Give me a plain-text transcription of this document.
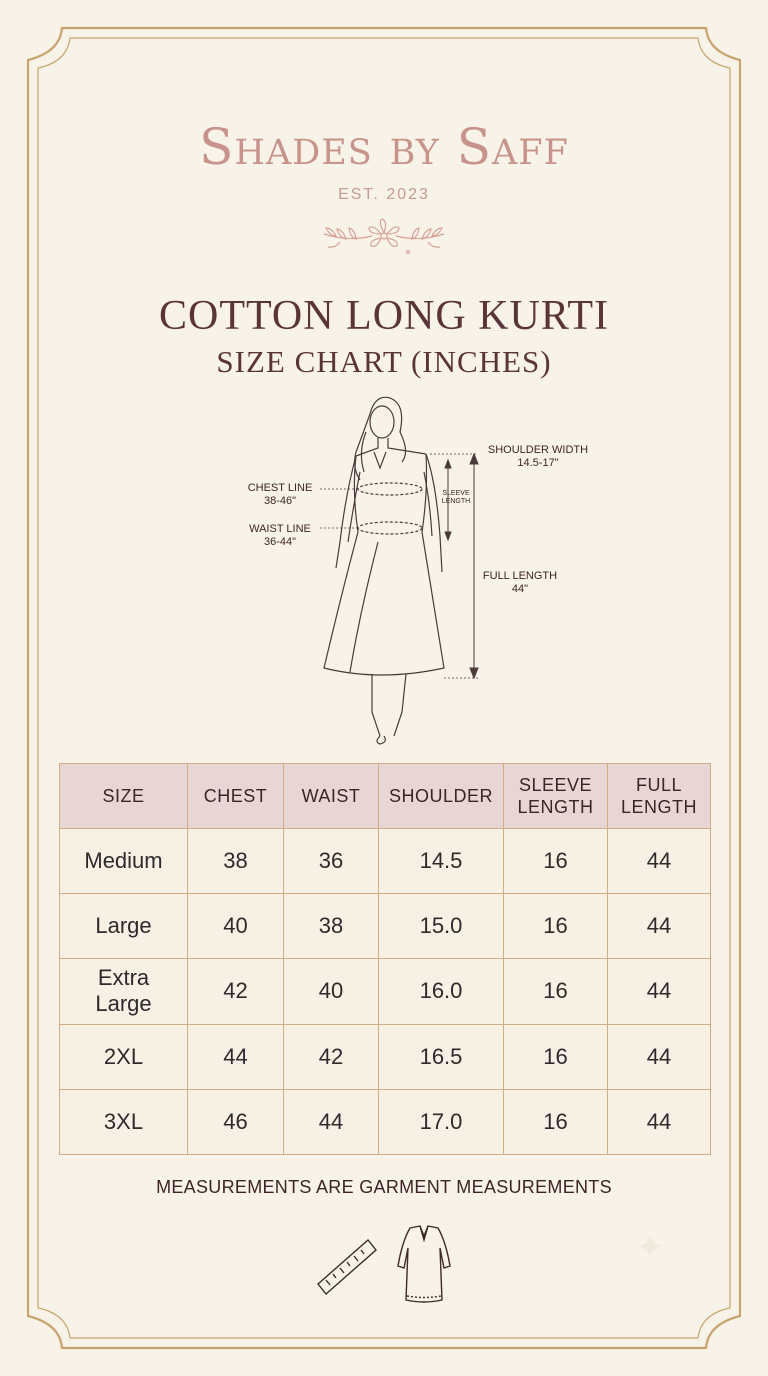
Shades by Saff
EST. 2023
COTTON LONG KURTI
SIZE CHART (INCHES)
SHOULDER WIDTH
14.5-17"
CHEST LINE
38-46"
WAIST LINE
36-44"
SLEEVE
LENGTH
FULL LENGTH
44"
SIZE	CHEST	WAIST	SHOULDER	SLEEVE LENGTH	FULL LENGTH
Medium	38	36	14.5	16	44
Large	40	38	15.0	16	44
Extra Large	42	40	16.0	16	44
2XL	44	42	16.5	16	44
3XL	46	44	17.0	16	44
MEASUREMENTS ARE GARMENT MEASUREMENTS
